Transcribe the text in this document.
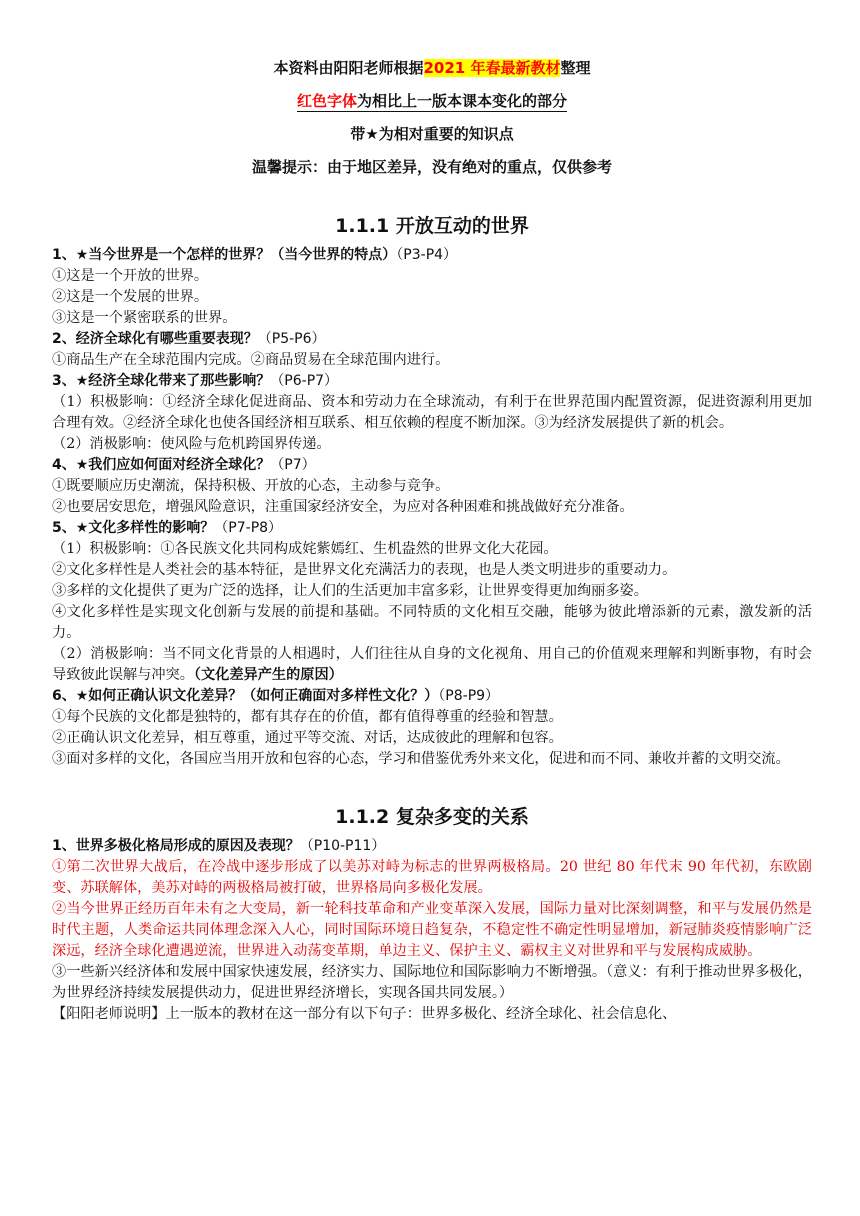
本资料由阳阳老师根据2021 年春最新教材整理
红色字体为相比上一版本课本变化的部分
带★为相对重要的知识点
温馨提示：由于地区差异，没有绝对的重点，仅供参考
1.1.1 开放互动的世界

1、★当今世界是一个怎样的世界？（当今世界的特点）（P3-P4）

①这是一个开放的世界。

②这是一个发展的世界。

③这是一个紧密联系的世界。

2、经济全球化有哪些重要表现？（P5-P6）

①商品生产在全球范围内完成。②商品贸易在全球范围内进行。

3、★经济全球化带来了那些影响？（P6-P7）

（1）积极影响：①经济全球化促进商品、资本和劳动力在全球流动，有利于在世界范围内配置资源，促进资源利用更加合理有效。②经济全球化也使各国经济相互联系、相互依赖的程度不断加深。③为经济发展提供了新的机会。

（2）消极影响：使风险与危机跨国界传递。

4、★我们应如何面对经济全球化？（P7）

①既要顺应历史潮流，保持积极、开放的心态，主动参与竞争。

②也要居安思危，增强风险意识，注重国家经济安全，为应对各种困难和挑战做好充分准备。

5、★文化多样性的影响？（P7-P8）

（1）积极影响：①各民族文化共同构成姹紫嫣红、生机盎然的世界文化大花园。

②文化多样性是人类社会的基本特征，是世界文化充满活力的表现，也是人类文明进步的重要动力。

③多样的文化提供了更为广泛的选择，让人们的生活更加丰富多彩，让世界变得更加绚丽多姿。

④文化多样性是实现文化创新与发展的前提和基础。不同特质的文化相互交融，能够为彼此增添新的元素，激发新的活力。

（2）消极影响：当不同文化背景的人相遇时，人们往往从自身的文化视角、用自己的价值观来理解和判断事物，有时会导致彼此误解与冲突。（文化差异产生的原因）

6、★如何正确认识文化差异？（如何正确面对多样性文化？）（P8-P9）

①每个民族的文化都是独特的，都有其存在的价值，都有值得尊重的经验和智慧。

②正确认识文化差异，相互尊重，通过平等交流、对话，达成彼此的理解和包容。

③面对多样的文化，各国应当用开放和包容的心态，学习和借鉴优秀外来文化，促进和而不同、兼收并蓄的文明交流。

1.1.2 复杂多变的关系

1、世界多极化格局形成的原因及表现？（P10-P11）

①第二次世界大战后，在冷战中逐步形成了以美苏对峙为标志的世界两极格局。20 世纪 80 年代末 90 年代初，东欧剧变、苏联解体，美苏对峙的两极格局被打破，世界格局向多极化发展。

②当今世界正经历百年未有之大变局，新一轮科技革命和产业变革深入发展，国际力量对比深刻调整，和平与发展仍然是时代主题，人类命运共同体理念深入人心，同时国际环境日趋复杂，不稳定性不确定性明显增加，新冠肺炎疫情影响广泛深远，经济全球化遭遇逆流，世界进入动荡变革期，单边主义、保护主义、霸权主义对世界和平与发展构成威胁。

③一些新兴经济体和发展中国家快速发展，经济实力、国际地位和国际影响力不断增强。（意义：有利于推动世界多极化，为世界经济持续发展提供动力，促进世界经济增长，实现各国共同发展。）

【阳阳老师说明】上一版本的教材在这一部分有以下句子：世界多极化、经济全球化、社会信息化、
